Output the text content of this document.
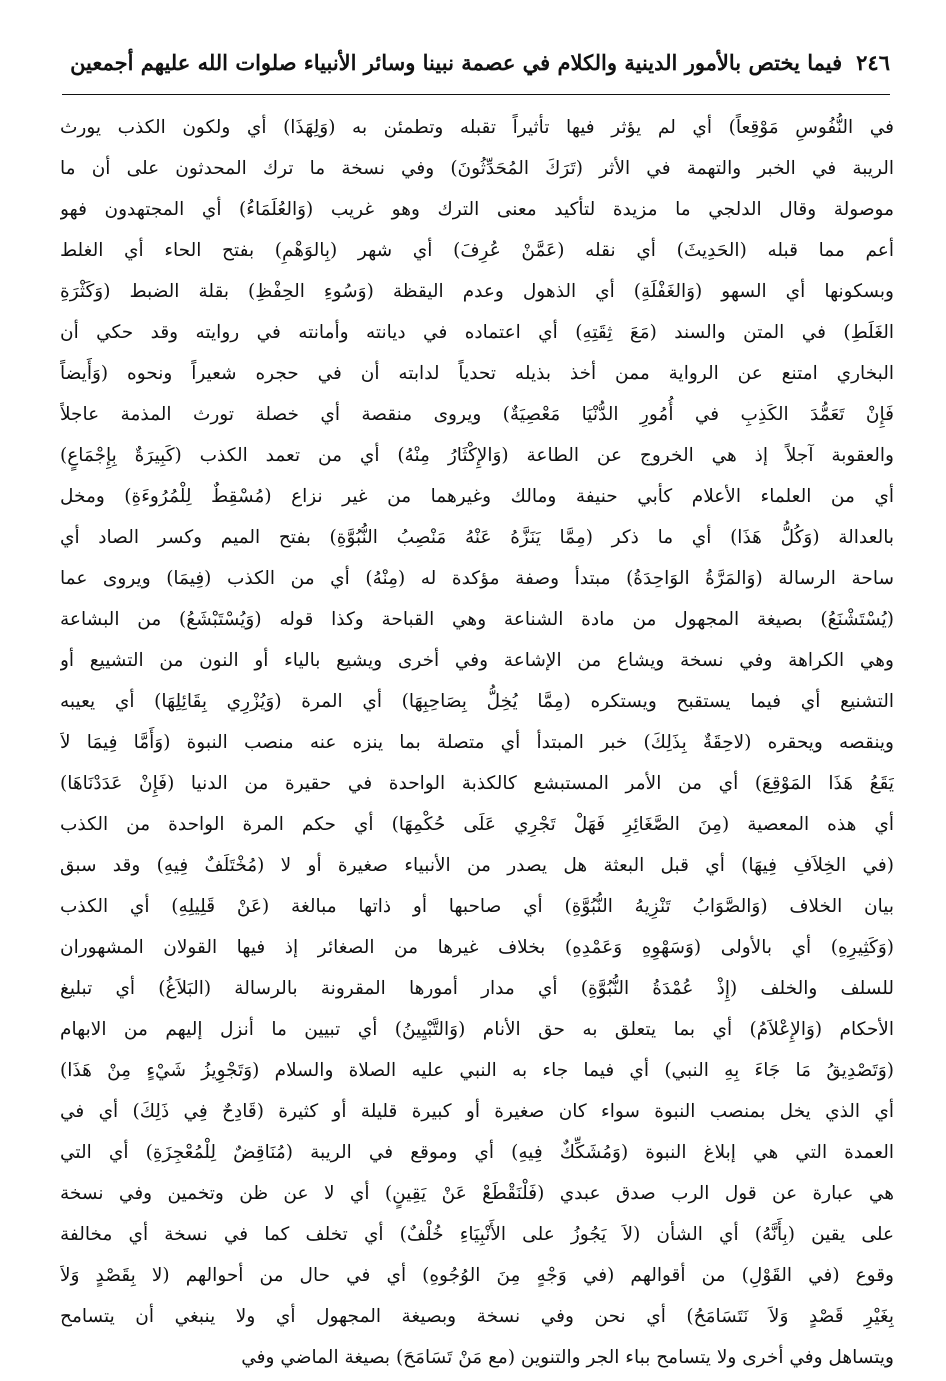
٢٤٦
فيما يختص بالأمور الدينية والكلام في عصمة نبينا وسائر الأنبياء صلوات الله عليهم أجمعين
في النُّفُوسِ مَوْقِعاً) أي لم يؤثر فيها تأثيراً تقبله وتطمئن به (وَلِهَذَا) أي ولكون الكذب يورث
الريبة في الخبر والتهمة في الأثر (تَرَكَ المُحَدِّثُونَ) وفي نسخة ما ترك المحدثون على أن ما
موصولة وقال الدلجي ما مزيدة لتأكيد معنى الترك وهو غريب (وَالعُلَمَاءُ) أي المجتهدون فهو
أعم مما قبله (الحَدِيثَ) أي نقله (عَمَّنْ عُرِفَ) أي شهر (بِالوَهْمِ) بفتح الحاء أي الغلط
وبسكونها أي السهو (وَالغَفْلَةِ) أي الذهول وعدم اليقظة (وَسُوءِ الحِفْظِ) بقلة الضبط (وَكَثْرَةِ
الغَلَطِ) في المتن والسند (مَعَ ثِقَتِهِ) أي اعتماده في ديانته وأمانته في روايته وقد حكي أن
البخاري امتنع عن الرواية ممن أخذ بذيله تحدياً لدابته أن في حجره شعيراً ونحوه (وَأَيضاً
فَإِنْ تَعَمُّدَ الكَذِبِ في أُمُورِ الدُّنْيَا مَعْصِيَةٌ) ويروى منقصة أي خصلة تورث المذمة عاجلاً
والعقوبة آجلاً إذ هي الخروج عن الطاعة (وَالإِكْثَارُ مِنْهُ) أي من تعمد الكذب (كَبِيرَةٌ بِإِجْمَاعٍ)
أي من العلماء الأعلام كأبي حنيفة ومالك وغيرهما من غير نزاع (مُسْقِطٌ لِلْمُرُوءَةِ) ومخل
بالعدالة (وَكُلُّ هَذَا) أي ما ذكر (مِمَّا يَنَزَّهُ عَنْهُ مَنْصِبُ النُّبُوَّةِ) بفتح الميم وكسر الصاد أي
ساحة الرسالة (وَالمَرَّةُ الوَاحِدَةُ) مبتدأ وصفة مؤكدة له (مِنْهُ) أي من الكذب (فِيمَا) ويروى عما
(يُسْتَشْنَعُ) بصيغة المجهول من مادة الشناعة وهي القباحة وكذا قوله (وَيُسْتَبْشَعُ) من البشاعة
وهي الكراهة وفي نسخة ويشاع من الإشاعة وفي أخرى ويشيع بالياء أو النون من التشييع أو
التشنيع أي فيما يستقبح ويستكره (مِمَّا يُخِلُّ بِصَاحِبِهَا) أي المرة (وَيُزْرِي بِقَائِلِهَا) أي يعيبه
وينقصه ويحقره (لاحِقَةٌ بِذَلِكَ) خبر المبتدأ أي متصلة بما ينزه عنه منصب النبوة (وَأَمَّا فِيمَا لاَ
يَقَعُ هَذَا المَوْقِعَ) أي من الأمر المستبشع كالكذبة الواحدة في حقيرة من الدنيا (فَإِنْ عَدَدْنَاهَا)
أي هذه المعصية (مِنَ الصَّغَائِرِ فَهَلْ تَجْرِي عَلَى حُكْمِهَا) أي حكم المرة الواحدة من الكذب
(في الخِلاَفِ فِيهَا) أي قبل البعثة هل يصدر من الأنبياء صغيرة أو لا (مُخْتَلَفٌ فِيهِ) وقد سبق
بيان الخلاف (وَالصَّوَابُ تَنْزِيهُ النُّبُوَّةِ) أي صاحبها أو ذاتها مبالغة (عَنْ قَلِيلِهِ) أي الكذب
(وَكَثِيرِهِ) أي بالأولى (وَسَهْوِهِ وَعَمْدِهِ) بخلاف غيرها من الصغائر إذ فيها القولان المشهوران
للسلف والخلف (إِذْ عُمْدَةُ النُّبُوَّةِ) أي مدار أمورها المقرونة بالرسالة (البَلاَغُ) أي تبليغ
الأحكام (وَالإِعْلاَمُ) أي بما يتعلق به حق الأنام (وَالتَّبْيِينُ) أي تبيين ما أنزل إليهم من الابهام
(وَتَصْدِيقُ مَا جَاءَ بِهِ النبي) أي فيما جاء به النبي عليه الصلاة والسلام (وَتَجْوِيزُ شَيْءٍ مِنْ هَذَا)
أي الذي يخل بمنصب النبوة سواء كان صغيرة أو كبيرة قليلة أو كثيرة (قَادِحٌ فِي ذَلِكَ) أي في
العمدة التي هي إبلاغ النبوة (وَمُشَكِّكٌ فِيهِ) أي وموقع في الريبة (مُنَاقِضٌ لِلْمُعْجِزَةِ) أي التي
هي عبارة عن قول الرب صدق عبدي (فَلْنَقْطَعْ عَنْ يَقِينٍ) أي لا عن ظن وتخمين وفي نسخة
على يقين (بِأَنَّهُ) أي الشأن (لاَ يَجُوزُ على الأَنْبِيَاءِ خُلْفٌ) أي تخلف كما في نسخة أي مخالفة
وقوع (في القَوْلِ) من أقوالهم (في وَجْهٍ مِنَ الوُجُوهِ) أي في حال من أحوالهم (لا بِقَصْدٍ وَلاَ
بِغَيْرِ قَصْدٍ وَلاَ نَتَسَامَحُ) أي نحن وفي نسخة وبصيغة المجهول أي ولا ينبغي أن يتسامح
ويتساهل وفي أخرى ولا يتسامح بباء الجر والتنوين (مع مَنْ تَسَامَحَ) بصيغة الماضي وفي
